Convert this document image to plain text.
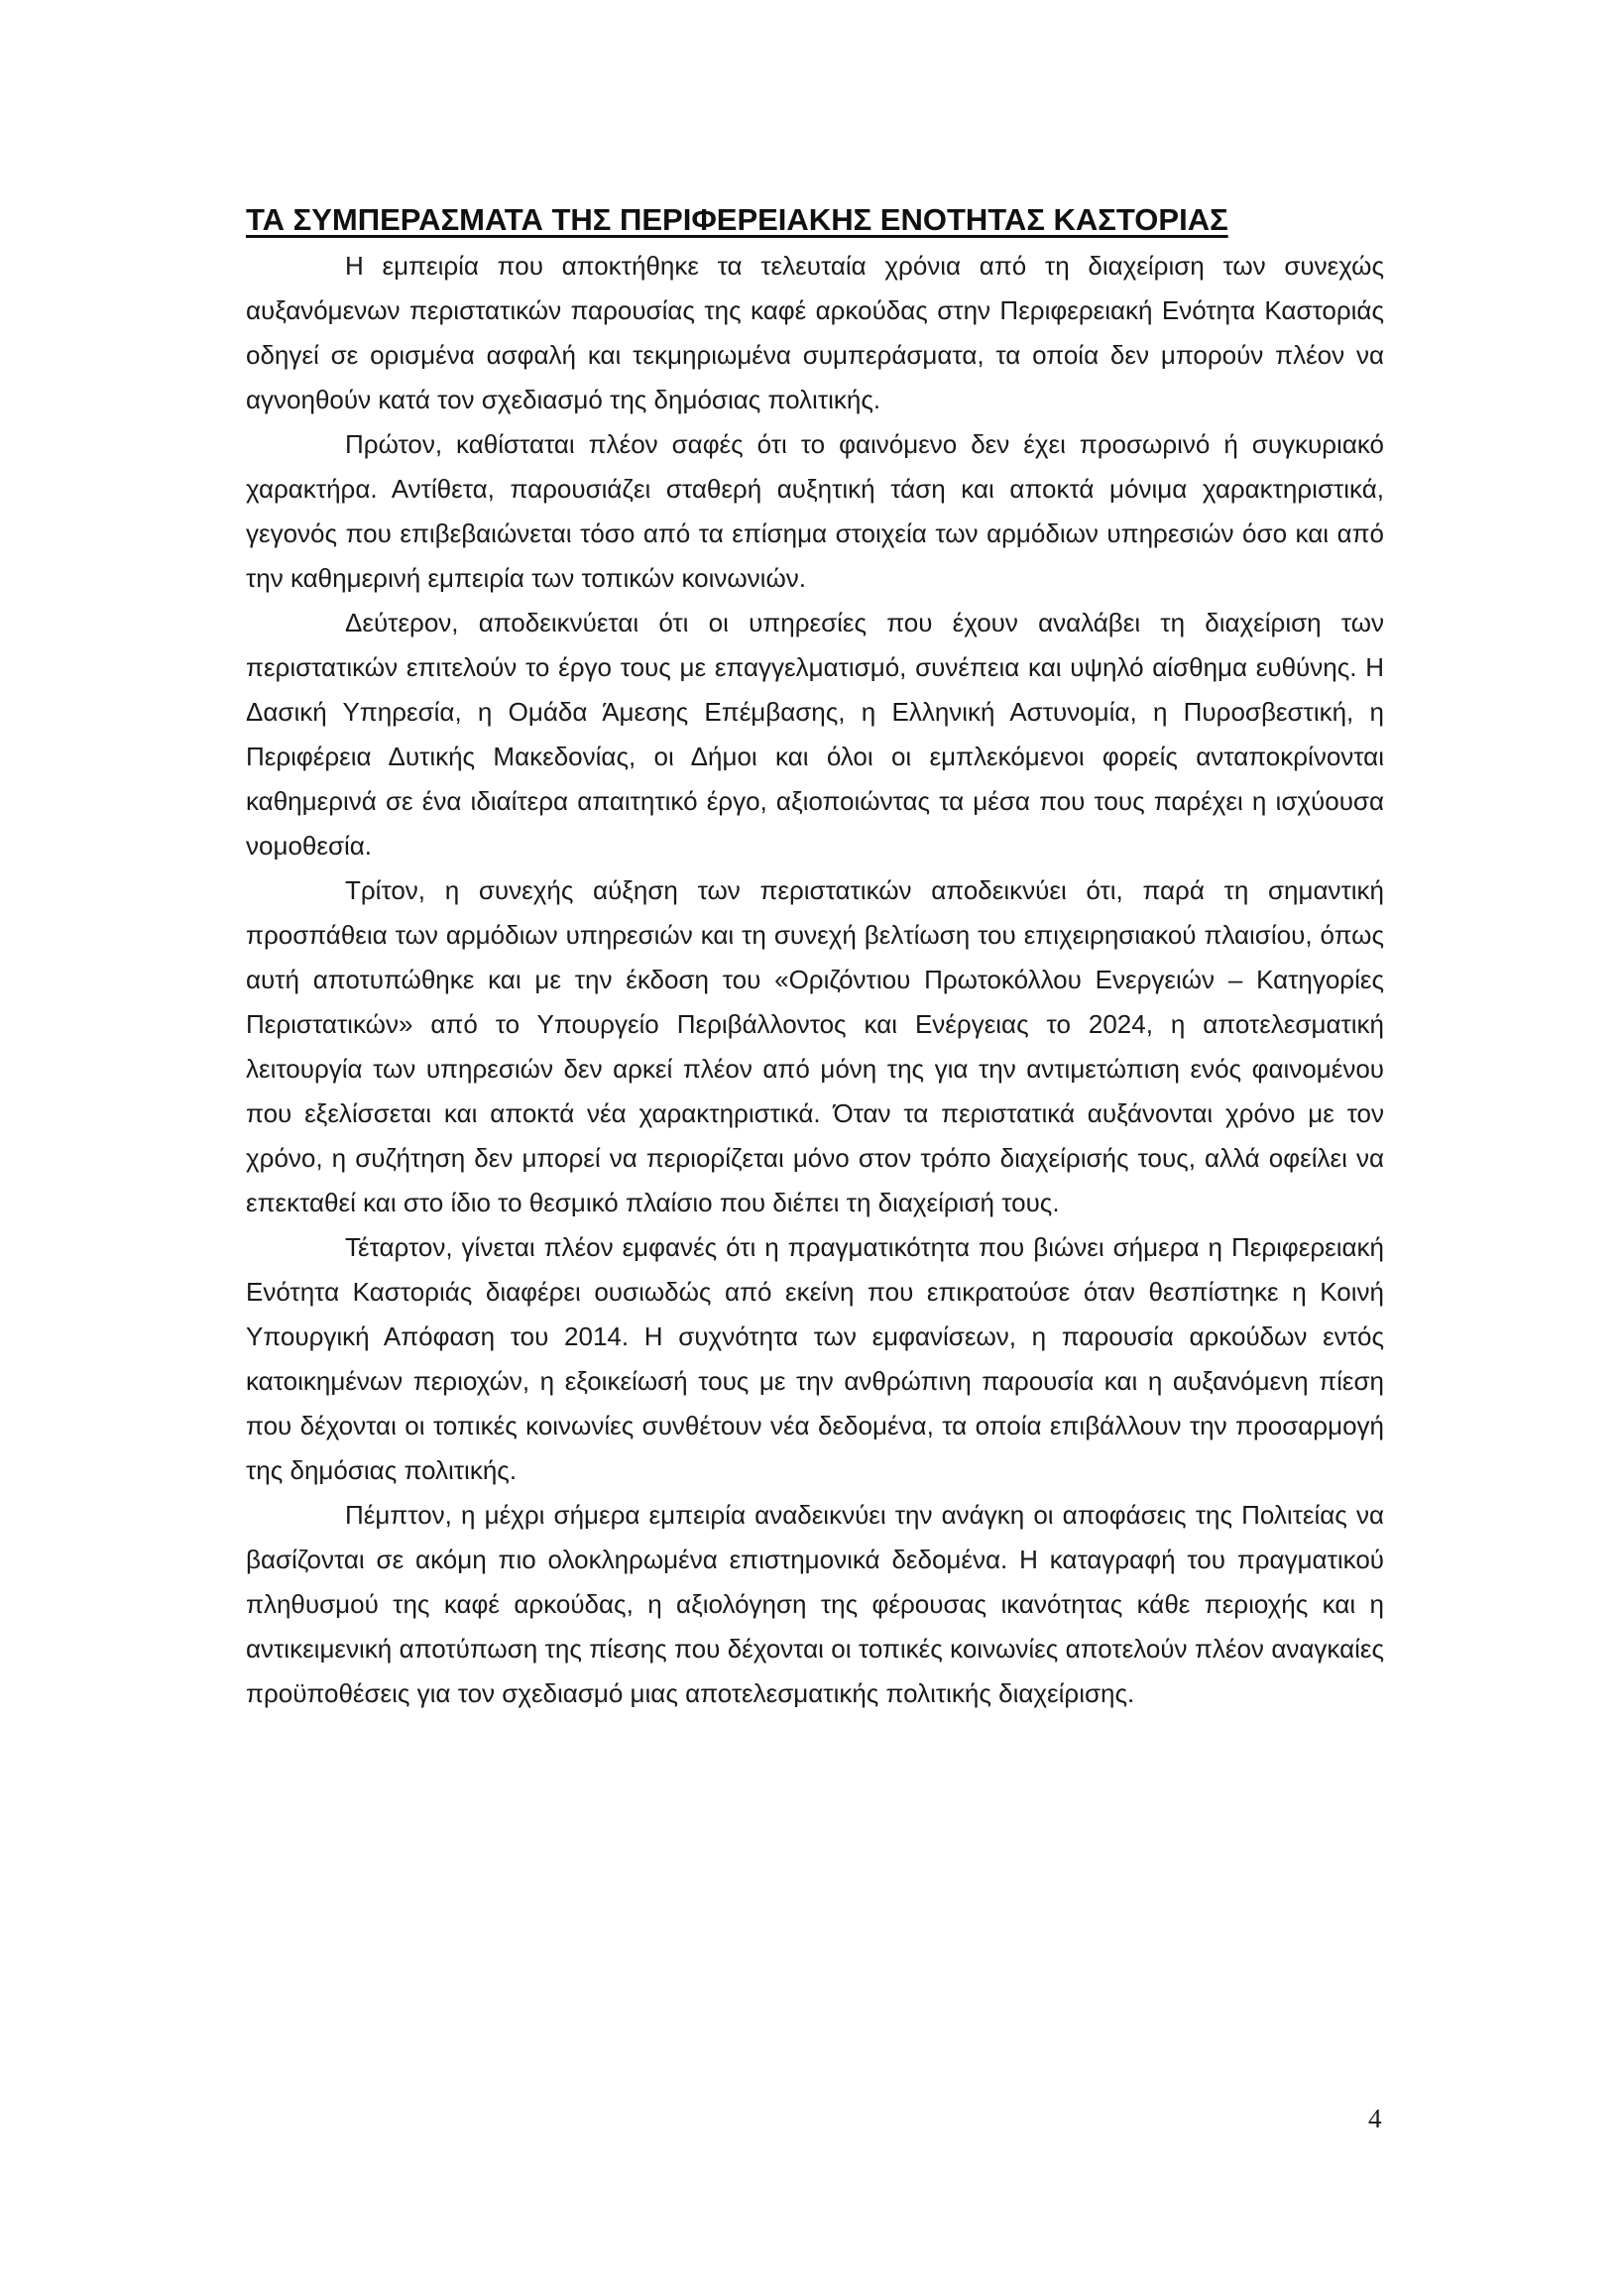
ΤΑ ΣΥΜΠΕΡΑΣΜΑΤΑ ΤΗΣ ΠΕΡΙΦΕΡΕΙΑΚΗΣ ΕΝΟΤΗΤΑΣ ΚΑΣΤΟΡΙΑΣ

Η εμπειρία που αποκτήθηκε τα τελευταία χρόνια από τη διαχείριση των συνεχώς αυξανόμενων περιστατικών παρουσίας της καφέ αρκούδας στην Περιφερειακή Ενότητα Καστοριάς οδηγεί σε ορισμένα ασφαλή και τεκμηριωμένα συμπεράσματα, τα οποία δεν μπορούν πλέον να αγνοηθούν κατά τον σχεδιασμό της δημόσιας πολιτικής.

Πρώτον, καθίσταται πλέον σαφές ότι το φαινόμενο δεν έχει προσωρινό ή συγκυριακό χαρακτήρα. Αντίθετα, παρουσιάζει σταθερή αυξητική τάση και αποκτά μόνιμα χαρακτηριστικά, γεγονός που επιβεβαιώνεται τόσο από τα επίσημα στοιχεία των αρμόδιων υπηρεσιών όσο και από την καθημερινή εμπειρία των τοπικών κοινωνιών.

Δεύτερον, αποδεικνύεται ότι οι υπηρεσίες που έχουν αναλάβει τη διαχείριση των περιστατικών επιτελούν το έργο τους με επαγγελματισμό, συνέπεια και υψηλό αίσθημα ευθύνης. Η Δασική Υπηρεσία, η Ομάδα Άμεσης Επέμβασης, η Ελληνική Αστυνομία, η Πυροσβεστική, η Περιφέρεια Δυτικής Μακεδονίας, οι Δήμοι και όλοι οι εμπλεκόμενοι φορείς ανταποκρίνονται καθημερινά σε ένα ιδιαίτερα απαιτητικό έργο, αξιοποιώντας τα μέσα που τους παρέχει η ισχύουσα νομοθεσία.

Τρίτον, η συνεχής αύξηση των περιστατικών αποδεικνύει ότι, παρά τη σημαντική προσπάθεια των αρμόδιων υπηρεσιών και τη συνεχή βελτίωση του επιχειρησιακού πλαισίου, όπως αυτή αποτυπώθηκε και με την έκδοση του «Οριζόντιου Πρωτοκόλλου Ενεργειών – Κατηγορίες Περιστατικών» από το Υπουργείο Περιβάλλοντος και Ενέργειας το 2024, η αποτελεσματική λειτουργία των υπηρεσιών δεν αρκεί πλέον από μόνη της για την αντιμετώπιση ενός φαινομένου που εξελίσσεται και αποκτά νέα χαρακτηριστικά. Όταν τα περιστατικά αυξάνονται χρόνο με τον χρόνο, η συζήτηση δεν μπορεί να περιορίζεται μόνο στον τρόπο διαχείρισής τους, αλλά οφείλει να επεκταθεί και στο ίδιο το θεσμικό πλαίσιο που διέπει τη διαχείρισή τους.

Τέταρτον, γίνεται πλέον εμφανές ότι η πραγματικότητα που βιώνει σήμερα η Περιφερειακή Ενότητα Καστοριάς διαφέρει ουσιωδώς από εκείνη που επικρατούσε όταν θεσπίστηκε η Κοινή Υπουργική Απόφαση του 2014. Η συχνότητα των εμφανίσεων, η παρουσία αρκούδων εντός κατοικημένων περιοχών, η εξοικείωσή τους με την ανθρώπινη παρουσία και η αυξανόμενη πίεση που δέχονται οι τοπικές κοινωνίες συνθέτουν νέα δεδομένα, τα οποία επιβάλλουν την προσαρμογή της δημόσιας πολιτικής.

Πέμπτον, η μέχρι σήμερα εμπειρία αναδεικνύει την ανάγκη οι αποφάσεις της Πολιτείας να βασίζονται σε ακόμη πιο ολοκληρωμένα επιστημονικά δεδομένα. Η καταγραφή του πραγματικού πληθυσμού της καφέ αρκούδας, η αξιολόγηση της φέρουσας ικανότητας κάθε περιοχής και η αντικειμενική αποτύπωση της πίεσης που δέχονται οι τοπικές κοινωνίες αποτελούν πλέον αναγκαίες προϋποθέσεις για τον σχεδιασμό μιας αποτελεσματικής πολιτικής διαχείρισης.

4
